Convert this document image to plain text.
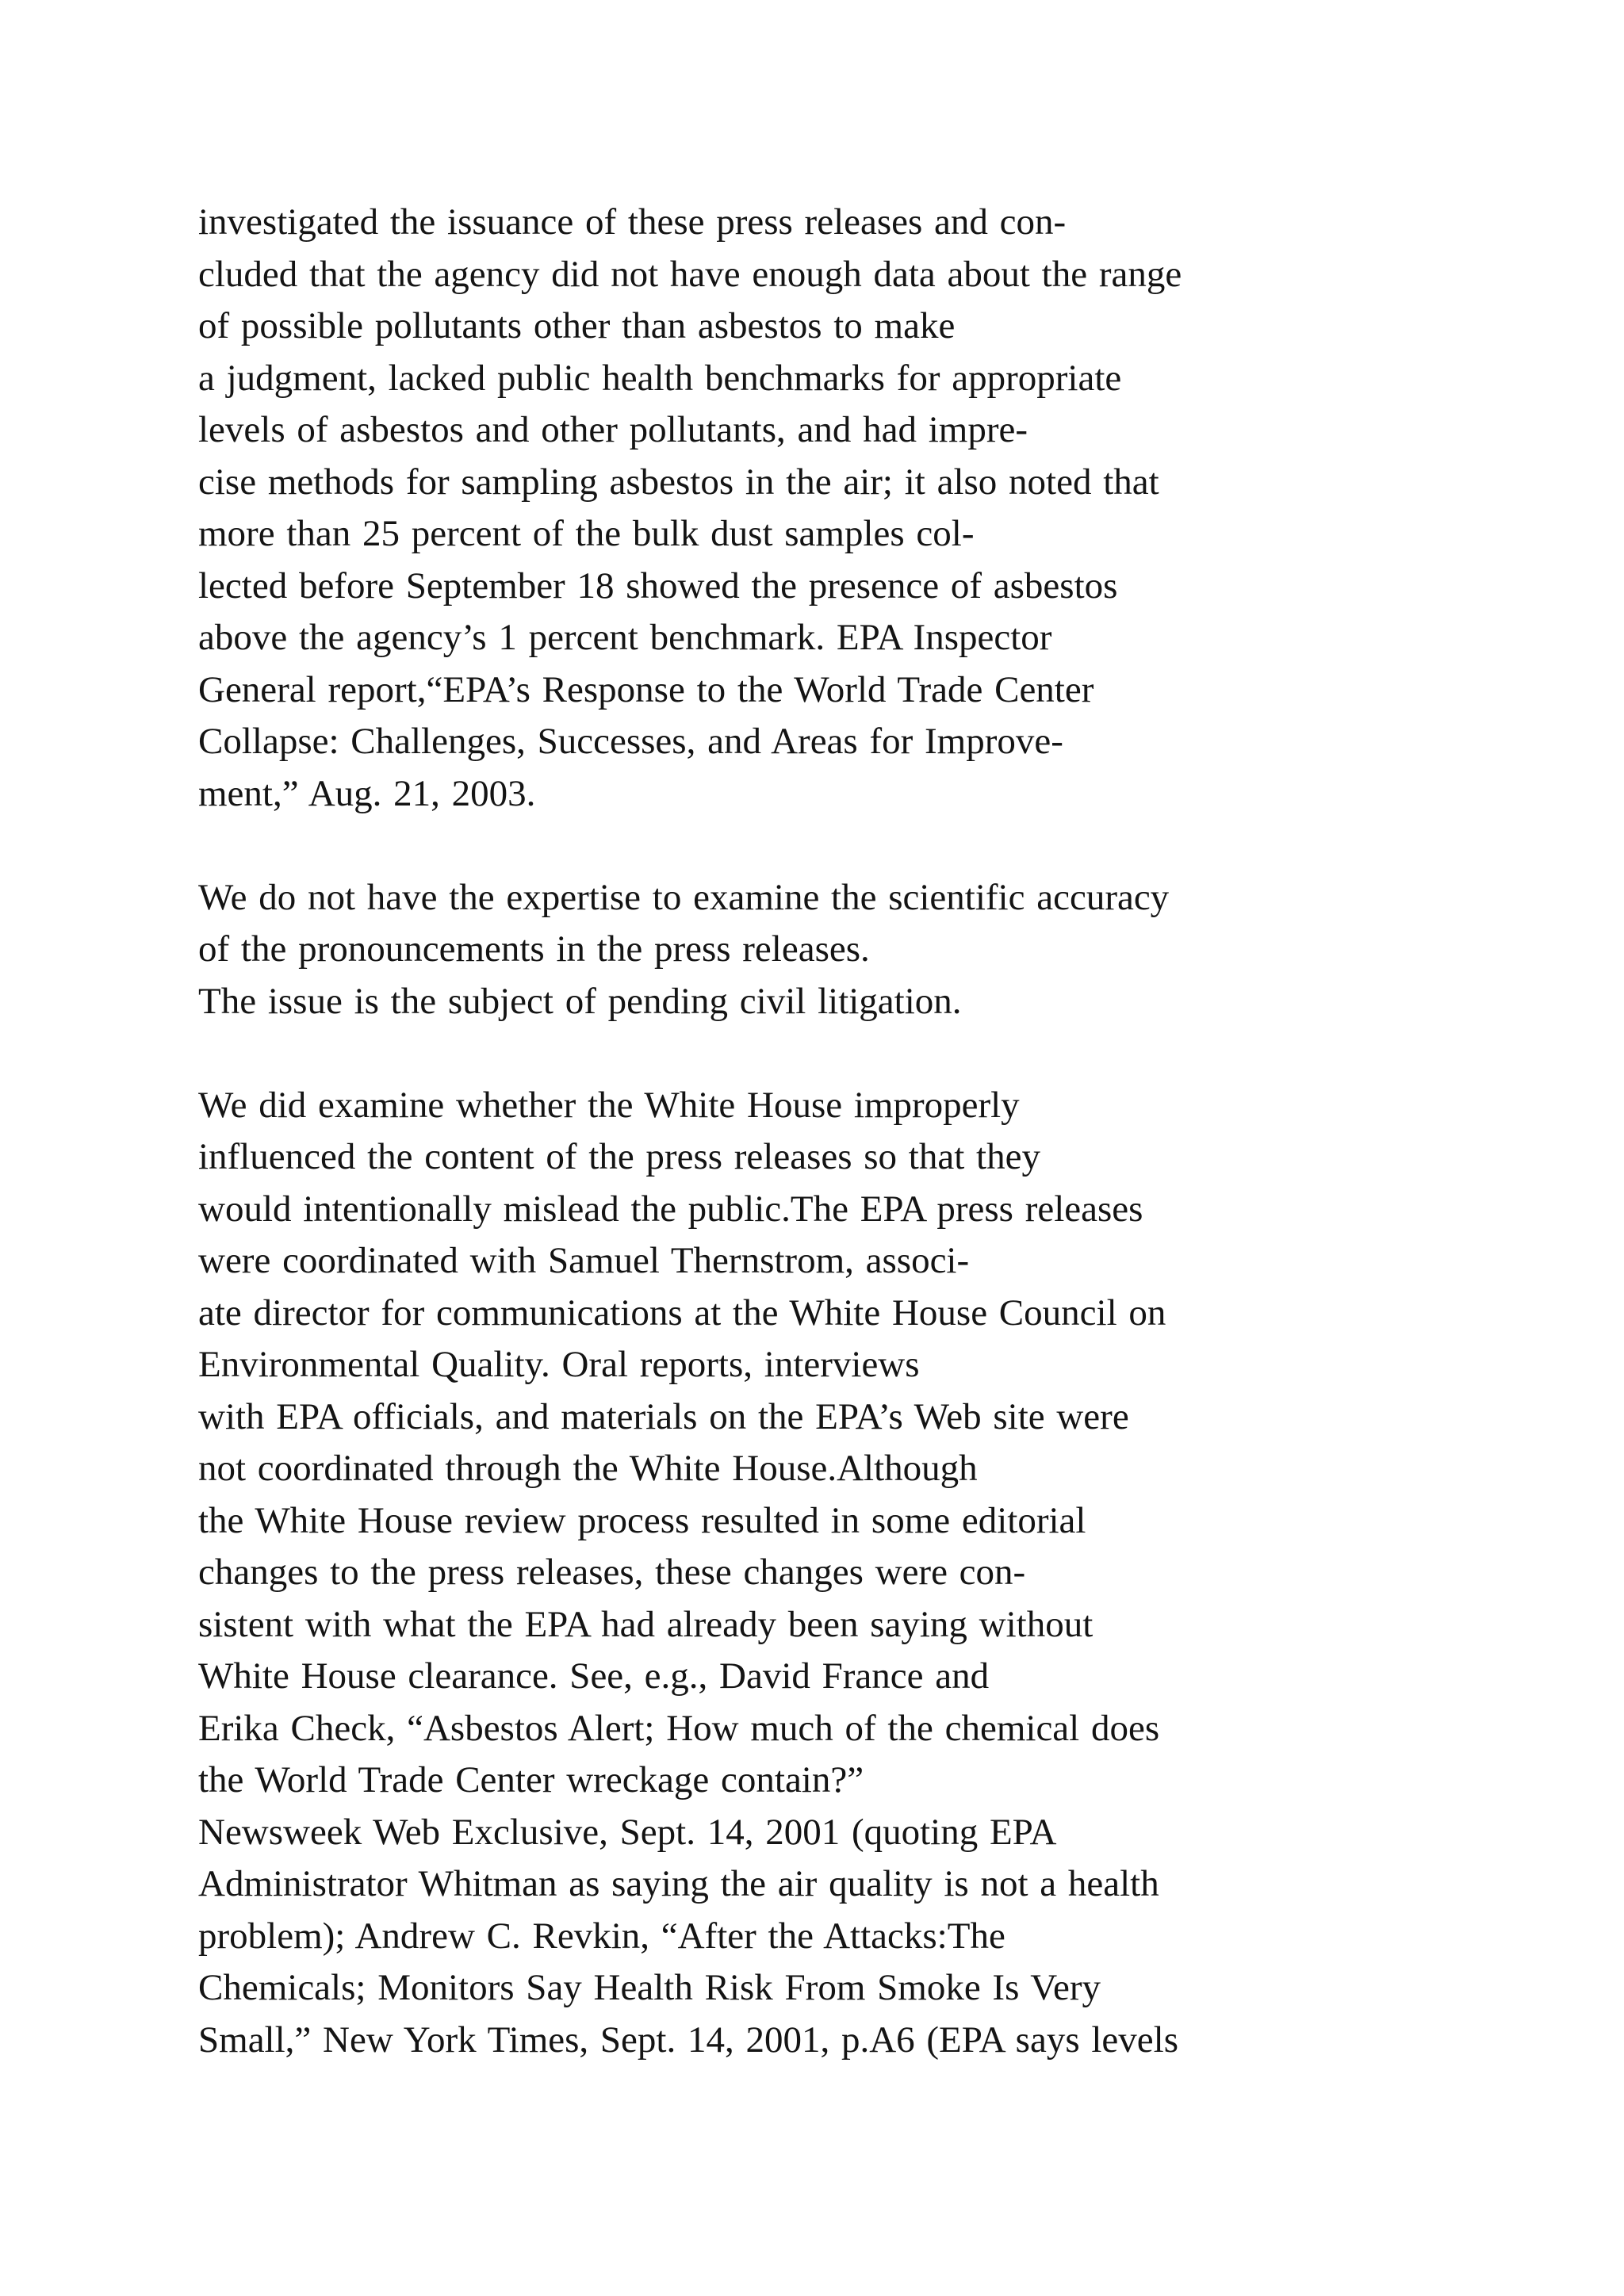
investigated the issuance of these press releases and con-
cluded that the agency did not have enough data about the range
of possible pollutants other than asbestos to make
a judgment, lacked public health benchmarks for appropriate
levels of asbestos and other pollutants, and had impre-
cise methods for sampling asbestos in the air; it also noted that
more than 25 percent of the bulk dust samples col-
lected before September 18 showed the presence of asbestos
above the agency’s 1 percent benchmark. EPA Inspector
General report,“EPA’s Response to the World Trade Center
Collapse: Challenges, Successes, and Areas for Improve-
ment,” Aug. 21, 2003.

We do not have the expertise to examine the scientific accuracy
of the pronouncements in the press releases.
The issue is the subject of pending civil litigation.

We did examine whether the White House improperly
influenced the content of the press releases so that they
would intentionally mislead the public.The EPA press releases
were coordinated with Samuel Thernstrom, associ-
ate director for communications at the White House Council on
Environmental Quality. Oral reports, interviews
with EPA officials, and materials on the EPA’s Web site were
not coordinated through the White House.Although
the White House review process resulted in some editorial
changes to the press releases, these changes were con-
sistent with what the EPA had already been saying without
White House clearance. See, e.g., David France and
Erika Check, “Asbestos Alert; How much of the chemical does
the World Trade Center wreckage contain?”
Newsweek Web Exclusive, Sept. 14, 2001 (quoting EPA
Administrator Whitman as saying the air quality is not a health
problem); Andrew C. Revkin, “After the Attacks:The
Chemicals; Monitors Say Health Risk From Smoke Is Very
Small,” New York Times, Sept. 14, 2001, p.A6 (EPA says levels
